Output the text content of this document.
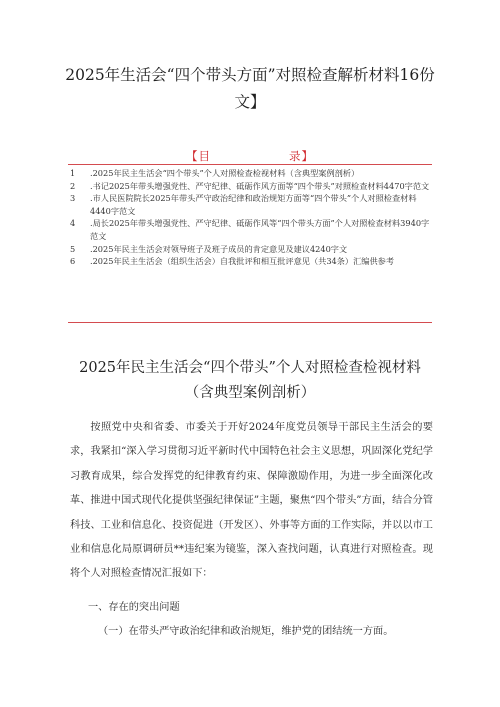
2025年生活会“四个带头方面”对照检查解析材料16份文】
【目	录】
1 .2025年民主生活会“四个带头”个人对照检查检视材料（含典型案例剖析）
2 .书记2025年带头增强党性、严守纪律、砥砺作风方面等“四个带头”对照检查材料4470字范文
3 .市人民医院院长2025年带头严守政治纪律和政治规矩方面等“四个带头”个人对照检查材料4440字范文
4 .局长2025年带头增强党性、严守纪律、砥砺作风等“四个带头方面”个人对照检查材料3940字范文
5 .2025年民主生活会对领导班子及班子成员的肯定意见及建议4240字文
6 .2025年民主生活会（组织生活会）自我批评和相互批评意见（共34条）汇编供参考
2025年民主生活会“四个带头”个人对照检查检视材料（含典型案例剖析）

按照党中央和省委、市委关于开好2024年度党员领导干部民主生活会的要求，我紧扣“深入学习贯彻习近平新时代中国特色社会主义思想，巩固深化党纪学习教育成果，综合发挥党的纪律教育约束、保障激励作用，为进一步全面深化改革、推进中国式现代化提供坚强纪律保证”主题，聚焦“四个带头”方面，结合分管科技、工业和信息化、投资促进（开发区）、外事等方面的工作实际，并以以市工业和信息化局原调研员**违纪案为镜鉴，深入查找问题，认真进行对照检查。现将个人对照检查情况汇报如下：

一、存在的突出问题

（一）在带头严守政治纪律和政治规矩，维护党的团结统一方面。
